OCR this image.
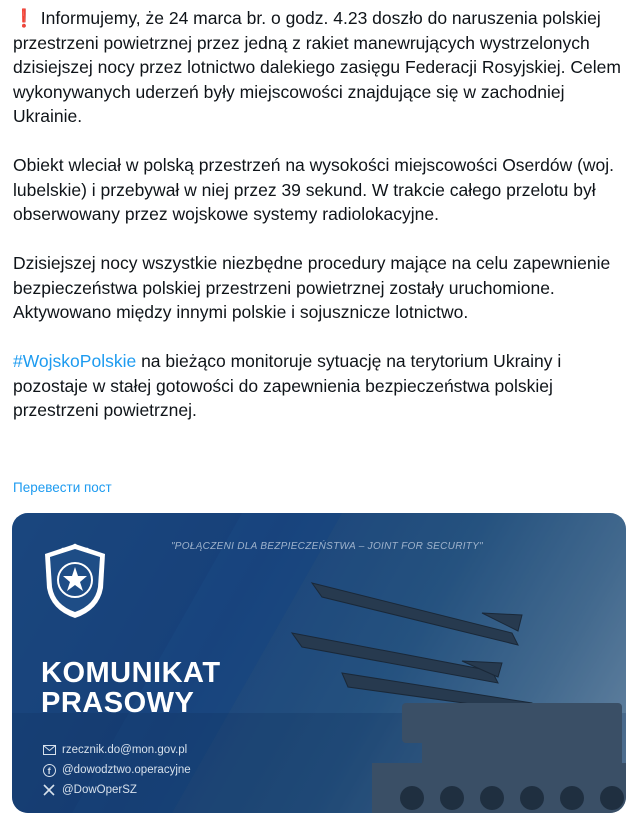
❗ Informujemy, że 24 marca br. o godz. 4.23 doszło do naruszenia polskiej przestrzeni powietrznej przez jedną z rakiet manewrujących wystrzelonych dzisiejszej nocy przez lotnictwo dalekiego zasięgu Federacji Rosyjskiej. Celem wykonywanych uderzeń były miejscowości znajdujące się w zachodniej Ukrainie.

Obiekt wleciał w polską przestrzeń na wysokości miejscowości Oserdów (woj. lubelskie) i przebywał w niej przez 39 sekund. W trakcie całego przelotu był obserwowany przez wojskowe systemy radiolokacyjne.

Dzisiejszej nocy wszystkie niezbędne procedury mające na celu zapewnienie bezpieczeństwa polskiej przestrzeni powietrznej zostały uruchomione. Aktywowano między innymi polskie i sojusznicze lotnictwo.

#WojskoPolskie na bieżąco monitoruje sytuację na terytorium Ukrainy i pozostaje w stałej gotowości do zapewnienia bezpieczeństwa polskiej przestrzeni powietrznej.

Перевести пост
"POŁĄCZENI DLA BEZPIECZEŃSTWA – JOINT FOR SECURITY"
KOMUNIKAT
PRASOWY
rzecznik.do@mon.gov.pl
f @dowodztwo.operacyjne
@DowOperSZ
